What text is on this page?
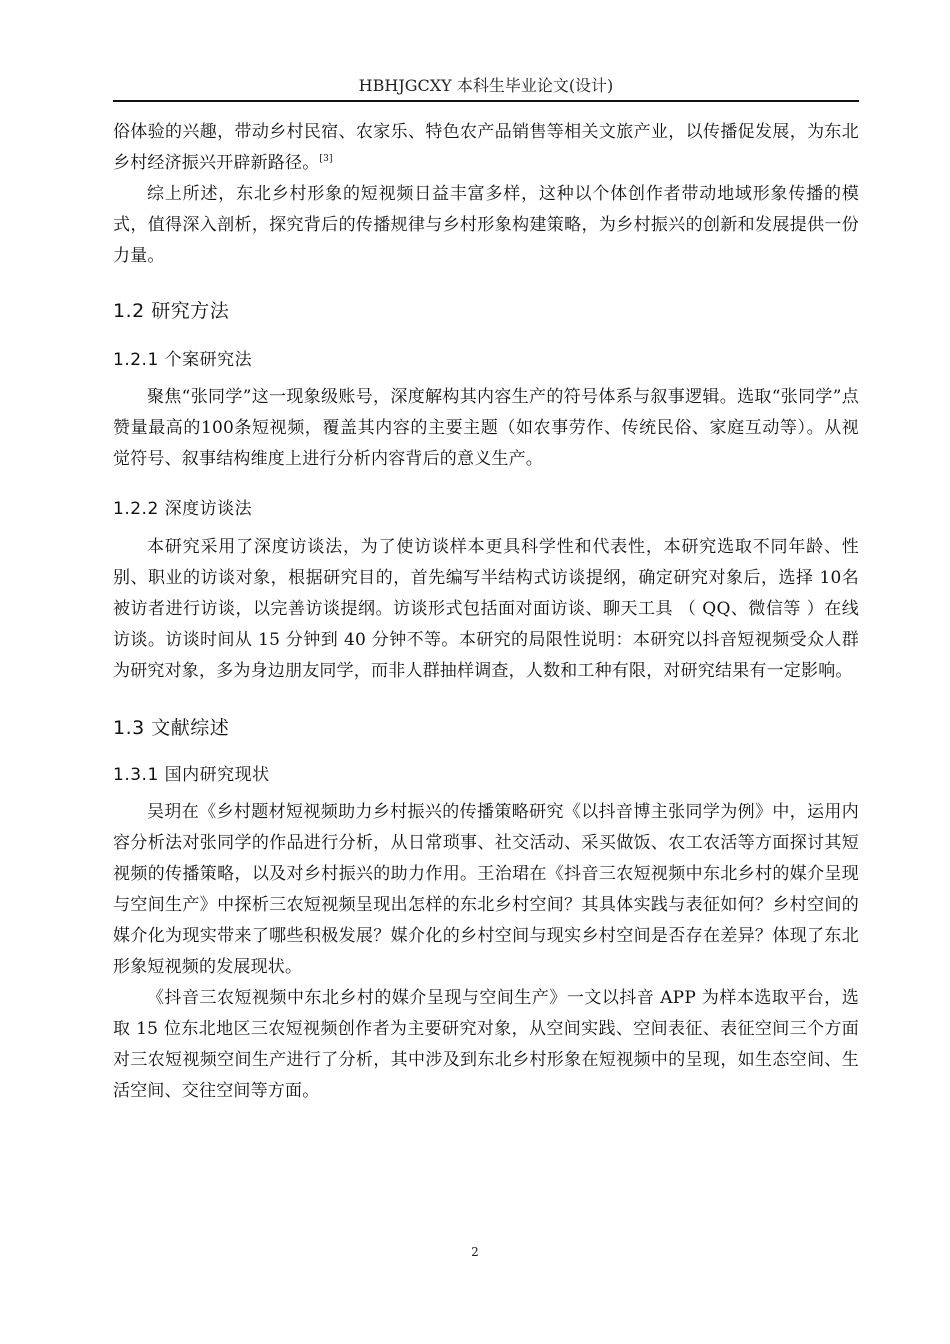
HBHJGCXY 本科生毕业论文(设计)

俗体验的兴趣，带动乡村民宿、农家乐、特色农产品销售等相关文旅产业，以传播促发展，为东北乡村经济振兴开辟新路径。[3]

综上所述，东北乡村形象的短视频日益丰富多样，这种以个体创作者带动地域形象传播的模式，值得深入剖析，探究背后的传播规律与乡村形象构建策略，为乡村振兴的创新和发展提供一份力量。

1.2 研究方法
1.2.1 个案研究法

聚焦“张同学”这一现象级账号，深度解构其内容生产的符号体系与叙事逻辑。选取“张同学”点赞量最高的100条短视频，覆盖其内容的主要主题（如农事劳作、传统民俗、家庭互动等）。从视觉符号、叙事结构维度上进行分析内容背后的意义生产。

1.2.2 深度访谈法

本研究采用了深度访谈法，为了使访谈样本更具科学性和代表性，本研究选取不同年龄、性别、职业的访谈对象，根据研究目的，首先编写半结构式访谈提纲，确定研究对象后，选择 10名被访者进行访谈，以完善访谈提纲。访谈形式包括面对面访谈、聊天工具 （ QQ、微信等 ）在线访谈。访谈时间从 15 分钟到 40 分钟不等。本研究的局限性说明：本研究以抖音短视频受众人群为研究对象，多为身边朋友同学，而非人群抽样调查，人数和工种有限，对研究结果有一定影响。

1.3 文献综述
1.3.1 国内研究现状

吴玥在《乡村题材短视频助力乡村振兴的传播策略研究《以抖音博主张同学为例》中，运用内容分析法对张同学的作品进行分析，从日常琐事、社交活动、采买做饭、农工农活等方面探讨其短视频的传播策略，以及对乡村振兴的助力作用。王治珺在《抖音三农短视频中东北乡村的媒介呈现与空间生产》中探析三农短视频呈现出怎样的东北乡村空间？其具体实践与表征如何？乡村空间的媒介化为现实带来了哪些积极发展？媒介化的乡村空间与现实乡村空间是否存在差异？体现了东北形象短视频的发展现状。

《抖音三农短视频中东北乡村的媒介呈现与空间生产》一文以抖音 APP 为样本选取平台，选取 15 位东北地区三农短视频创作者为主要研究对象，从空间实践、空间表征、表征空间三个方面对三农短视频空间生产进行了分析，其中涉及到东北乡村形象在短视频中的呈现，如生态空间、生活空间、交往空间等方面。

2
